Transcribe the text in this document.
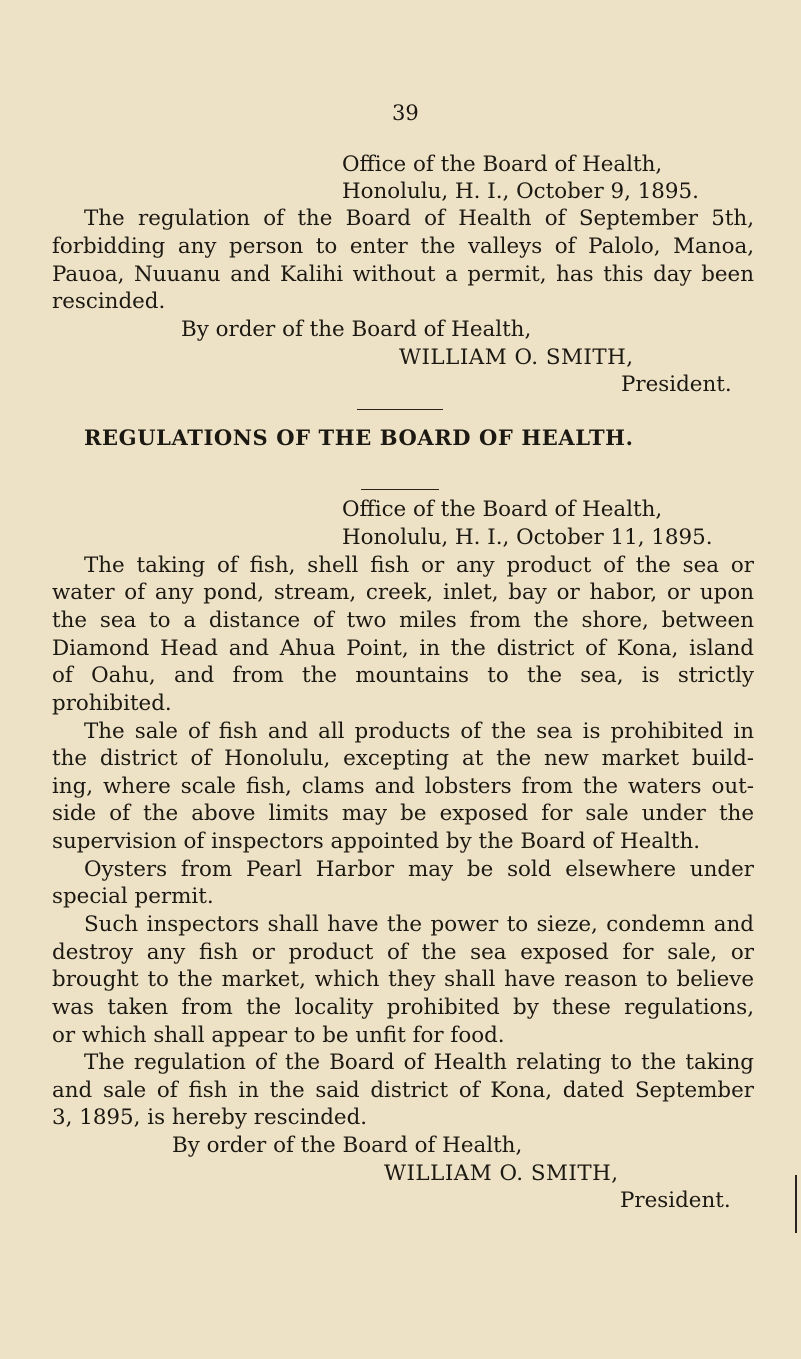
39
Office of the Board of Health,
Honolulu, H. I., October 9, 1895.
The regulation of the Board of Health of September 5th,
forbidding any person to enter the valleys of Palolo, Manoa,
Pauoa, Nuuanu and Kalihi without a permit, has this day been
rescinded.
By order of the Board of Health,
WILLIAM O. SMITH,
President.
REGULATIONS OF THE BOARD OF HEALTH.
Office of the Board of Health,
Honolulu, H. I., October 11, 1895.
The taking of fish, shell fish or any product of the sea or
water of any pond, stream, creek, inlet, bay or habor, or upon
the sea to a distance of two miles from the shore, between
Diamond Head and Ahua Point, in the district of Kona, island
of Oahu, and from the mountains to the sea, is strictly
prohibited.
The sale of fish and all products of the sea is prohibited in
the district of Honolulu, excepting at the new market build-
ing, where scale fish, clams and lobsters from the waters out-
side of the above limits may be exposed for sale under the
supervision of inspectors appointed by the Board of Health.
Oysters from Pearl Harbor may be sold elsewhere under
special permit.
Such inspectors shall have the power to sieze, condemn and
destroy any fish or product of the sea exposed for sale, or
brought to the market, which they shall have reason to believe
was taken from the locality prohibited by these regulations,
or which shall appear to be unfit for food.
The regulation of the Board of Health relating to the taking
and sale of fish in the said district of Kona, dated September
3, 1895, is hereby rescinded.
By order of the Board of Health,
WILLIAM O. SMITH,
President.
